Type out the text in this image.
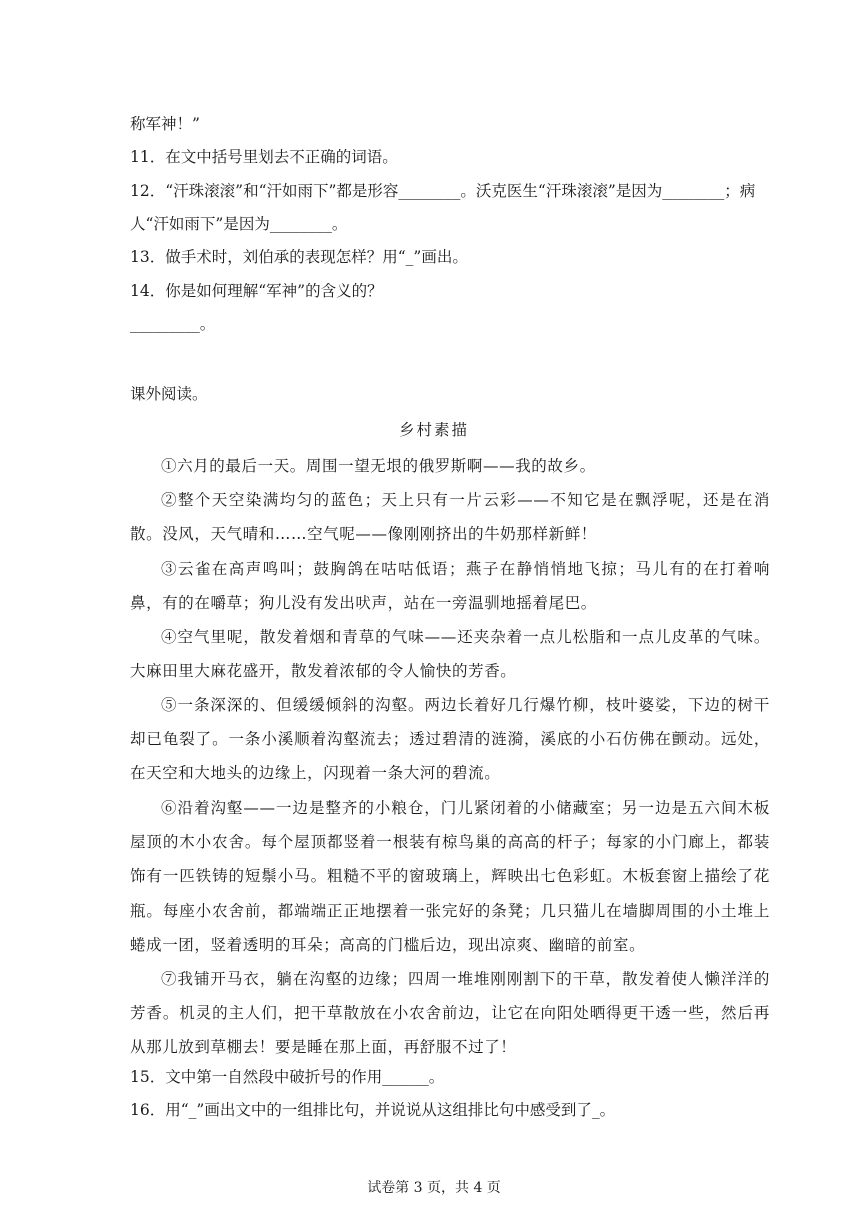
称军神！”
11．在文中括号里划去不正确的词语。
12．“汗珠滚滚”和“汗如雨下”都是形容________。沃克医生“汗珠滚滚”是因为________；病
人“汗如雨下”是因为________。
13．做手术时，刘伯承的表现怎样？用“_”画出。
14．你是如何理解“军神”的含义的？
_________。
课外阅读。
乡村素描
①六月的最后一天。周围一望无垠的俄罗斯啊——我的故乡。
②整个天空染满均匀的蓝色；天上只有一片云彩——不知它是在飘浮呢，还是在消散。没风，天气晴和……空气呢——像刚刚挤出的牛奶那样新鲜！
③云雀在高声鸣叫；鼓胸鸽在咕咕低语；燕子在静悄悄地飞掠；马儿有的在打着响鼻，有的在嚼草；狗儿没有发出吠声，站在一旁温驯地摇着尾巴。
④空气里呢，散发着烟和青草的气味——还夹杂着一点儿松脂和一点儿皮革的气味。大麻田里大麻花盛开，散发着浓郁的令人愉快的芳香。
⑤一条深深的、但缓缓倾斜的沟壑。两边长着好几行爆竹柳，枝叶婆娑，下边的树干却已龟裂了。一条小溪顺着沟壑流去；透过碧清的涟漪，溪底的小石仿佛在颤动。远处，在天空和大地头的边缘上，闪现着一条大河的碧流。
⑥沿着沟壑——一边是整齐的小粮仓，门儿紧闭着的小储藏室；另一边是五六间木板屋顶的木小农舍。每个屋顶都竖着一根装有椋鸟巢的高高的杆子；每家的小门廊上，都装饰有一匹铁铸的短鬃小马。粗糙不平的窗玻璃上，辉映出七色彩虹。木板套窗上描绘了花瓶。每座小农舍前，都端端正正地摆着一张完好的条凳；几只猫儿在墙脚周围的小土堆上蜷成一团，竖着透明的耳朵；高高的门槛后边，现出凉爽、幽暗的前室。
⑦我铺开马衣，躺在沟壑的边缘；四周一堆堆刚刚割下的干草，散发着使人懒洋洋的芳香。机灵的主人们，把干草散放在小农舍前边，让它在向阳处晒得更干透一些，然后再从那儿放到草棚去！要是睡在那上面，再舒服不过了！
15．文中第一自然段中破折号的作用______。
16．用“_”画出文中的一组排比句，并说说从这组排比句中感受到了_。
试卷第 3 页，共 4 页
